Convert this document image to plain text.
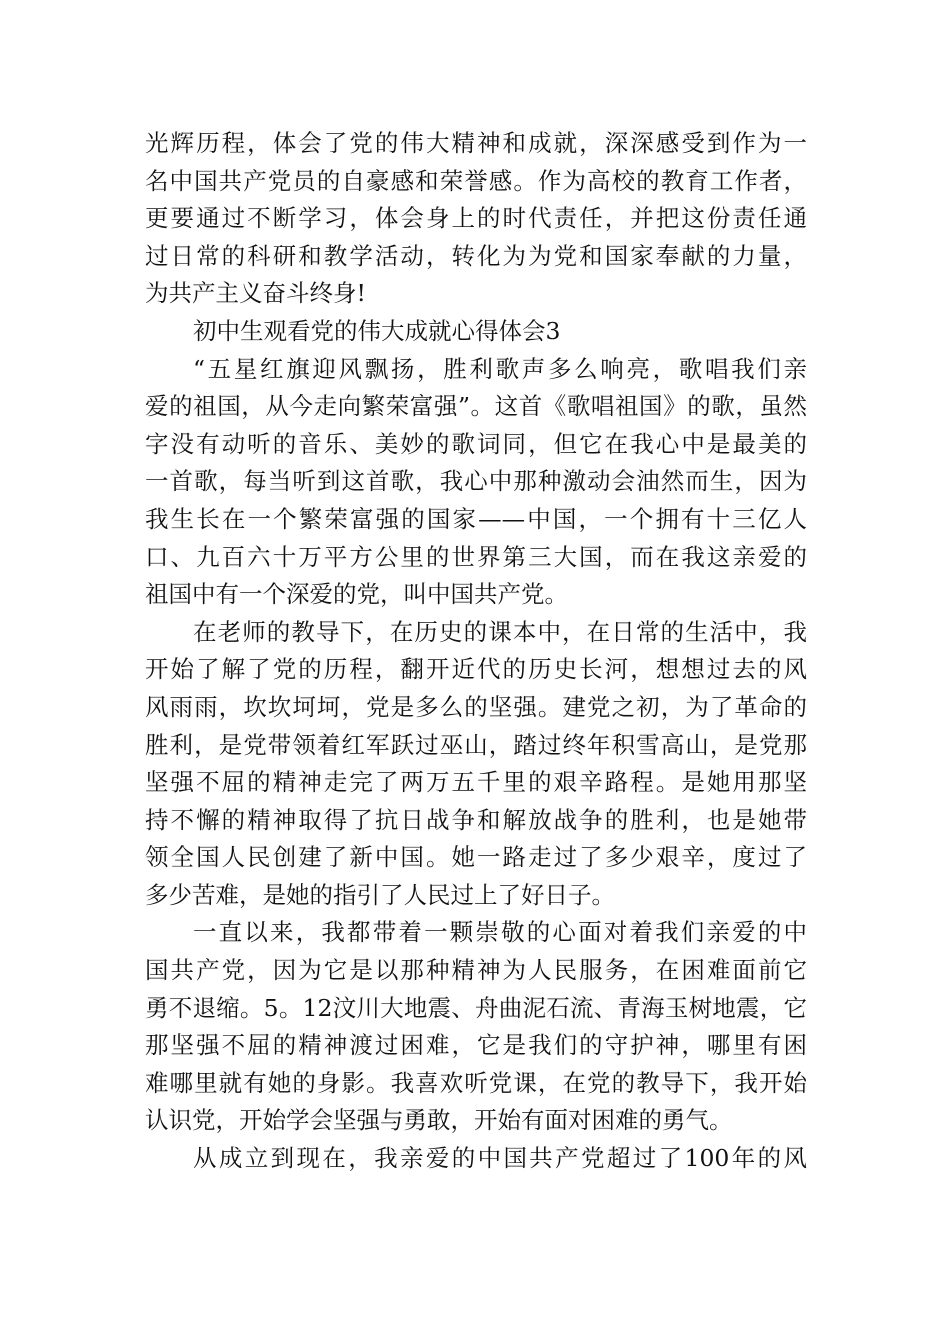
光辉历程，体会了党的伟大精神和成就，深深感受到作为一
名中国共产党员的自豪感和荣誉感。作为高校的教育工作者，
更要通过不断学习，体会身上的时代责任，并把这份责任通
过日常的科研和教学活动，转化为为党和国家奉献的力量，
为共产主义奋斗终身!
初中生观看党的伟大成就心得体会3
“五星红旗迎风飘扬，胜利歌声多么响亮，歌唱我们亲
爱的祖国，从今走向繁荣富强”。这首《歌唱祖国》的歌，虽然
字没有动听的音乐、美妙的歌词同，但它在我心中是最美的
一首歌，每当听到这首歌，我心中那种激动会油然而生，因为
我生长在一个繁荣富强的国家——中国，一个拥有十三亿人
口、九百六十万平方公里的世界第三大国，而在我这亲爱的
祖国中有一个深爱的党，叫中国共产党。
在老师的教导下，在历史的课本中，在日常的生活中，我
开始了解了党的历程，翻开近代的历史长河，想想过去的风
风雨雨，坎坎坷坷，党是多么的坚强。建党之初，为了革命的
胜利，是党带领着红军跃过巫山，踏过终年积雪高山，是党那
坚强不屈的精神走完了两万五千里的艰辛路程。是她用那坚
持不懈的精神取得了抗日战争和解放战争的胜利，也是她带
领全国人民创建了新中国。她一路走过了多少艰辛，度过了
多少苦难，是她的指引了人民过上了好日子。
一直以来，我都带着一颗崇敬的心面对着我们亲爱的中
国共产党，因为它是以那种精神为人民服务，在困难面前它
勇不退缩。5。12汶川大地震、舟曲泥石流、青海玉树地震，它
那坚强不屈的精神渡过困难，它是我们的守护神，哪里有困
难哪里就有她的身影。我喜欢听党课，在党的教导下，我开始
认识党，开始学会坚强与勇敢，开始有面对困难的勇气。
从成立到现在，我亲爱的中国共产党超过了100年的风
